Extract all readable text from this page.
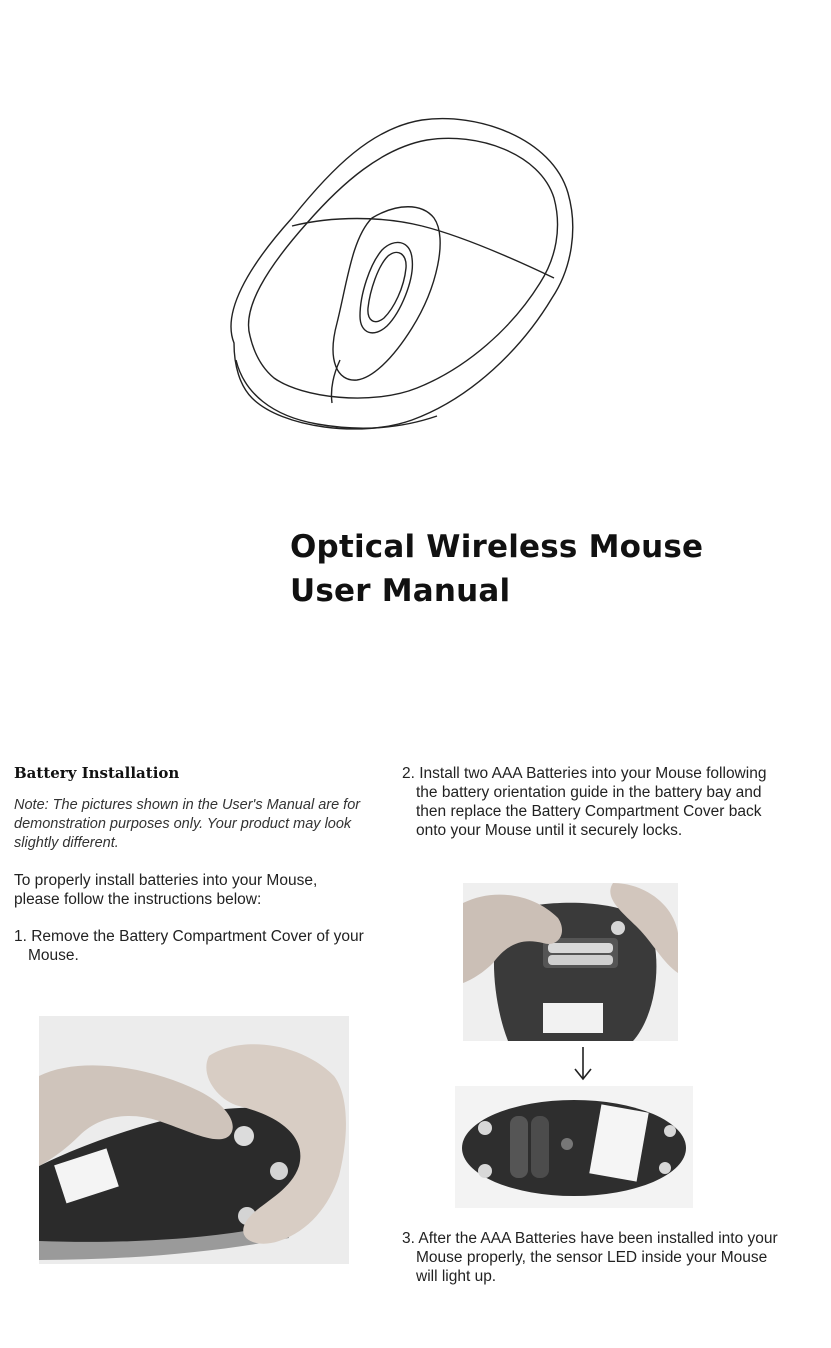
Optical Wireless Mouse
User Manual

Battery Installation

Note: The pictures shown in the User's Manual are for demonstration purposes only. Your product may look slightly different.

To properly install batteries into your Mouse, please follow the instructions below:

1. Remove the Battery Compartment Cover of your Mouse.

2. Install two AAA Batteries into your Mouse following the battery orientation guide in the battery bay and then replace the Battery Compartment Cover back onto your Mouse until it securely locks.

3. After the AAA Batteries have been installed into your Mouse properly, the sensor LED inside your Mouse will light up.
